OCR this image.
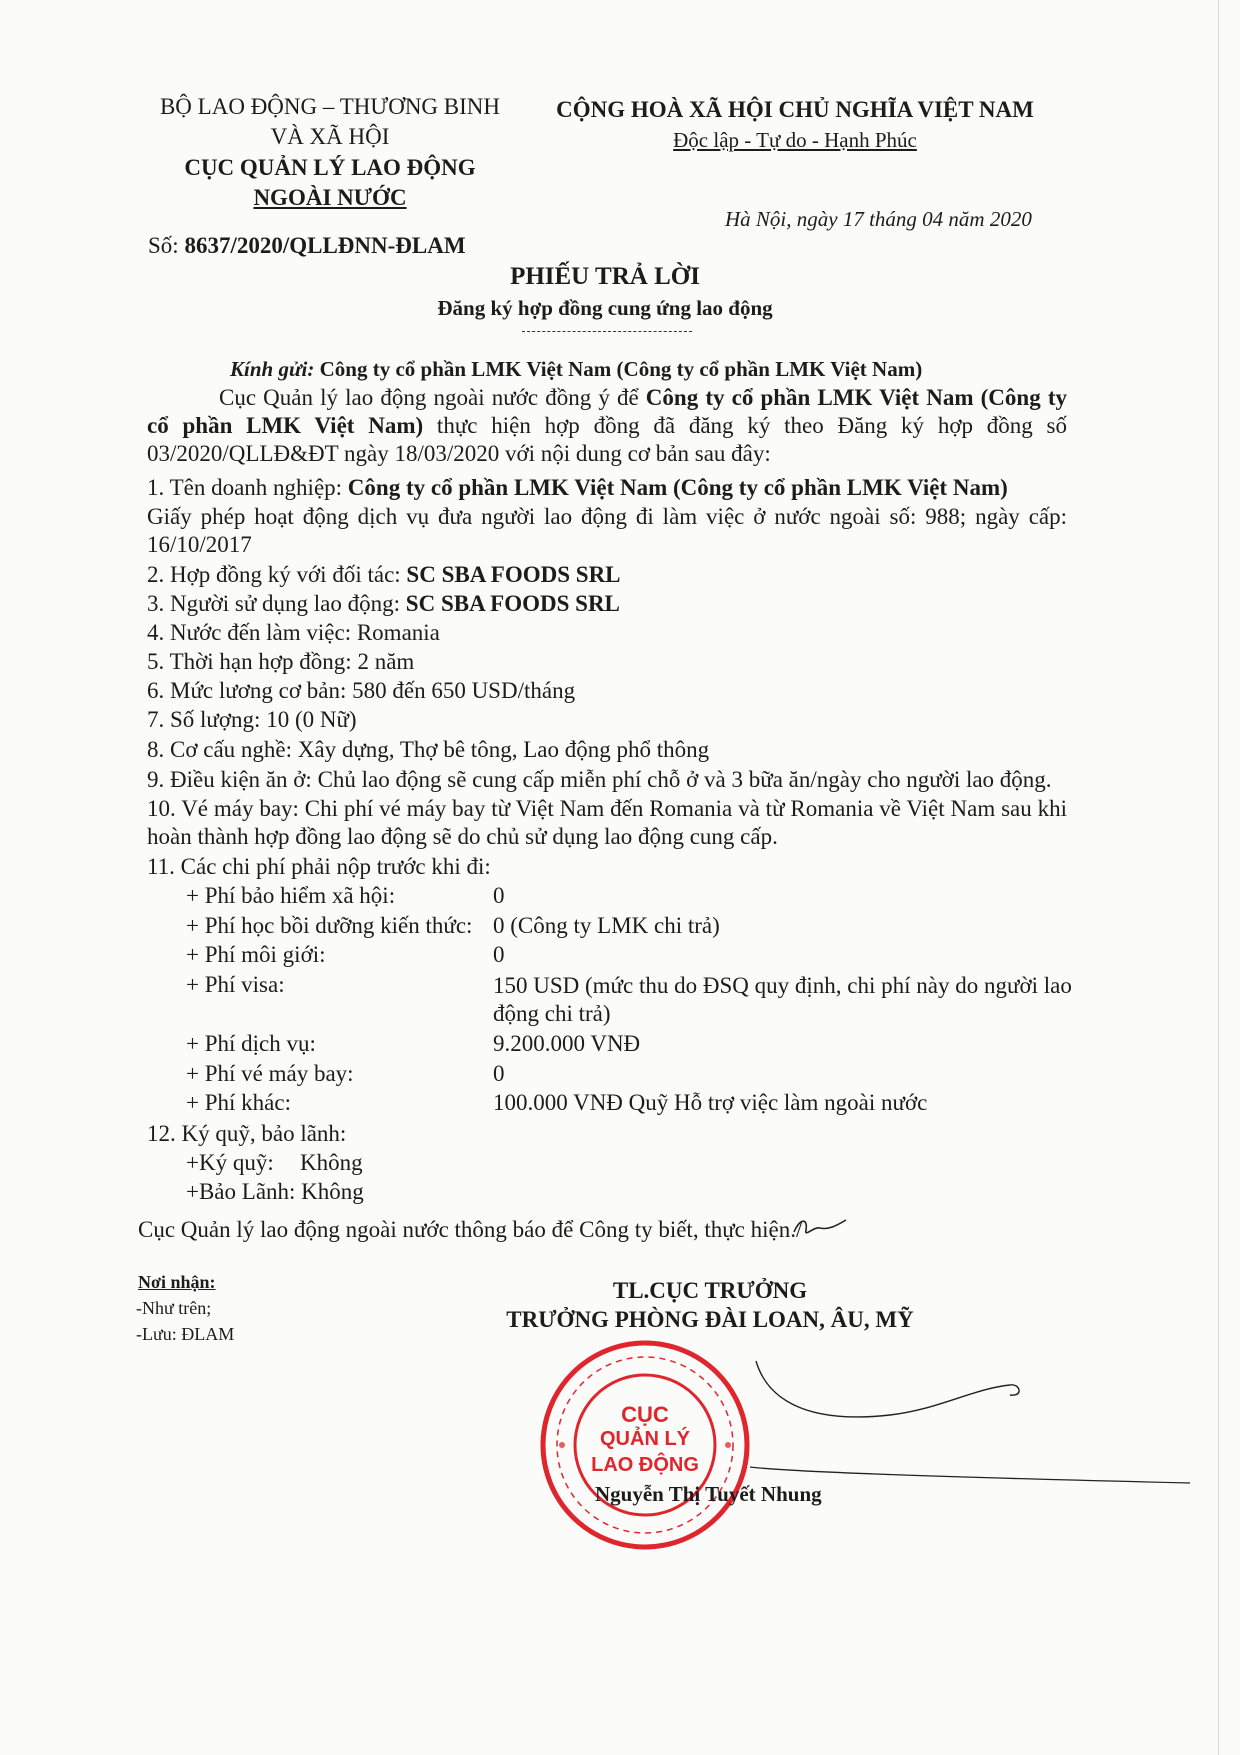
BỘ LAO ĐỘNG – THƯƠNG BINH
VÀ XÃ HỘI
CỤC QUẢN LÝ LAO ĐỘNG
NGOÀI NƯỚC
Số: 8637/2020/QLLĐNN-ĐLAM
CỘNG HOÀ XÃ HỘI CHỦ NGHĨA VIỆT NAM
Độc lập - Tự do - Hạnh Phúc
Hà Nội, ngày 17 tháng 04 năm 2020
PHIẾU TRẢ LỜI
Đăng ký hợp đồng cung ứng lao động
Kính gửi: Công ty cổ phần LMK Việt Nam (Công ty cổ phần LMK Việt Nam)
Cục Quản lý lao động ngoài nước đồng ý để Công ty cổ phần LMK Việt Nam (Công ty cổ phần LMK Việt Nam) thực hiện hợp đồng đã đăng ký theo Đăng ký hợp đồng số 03/2020/QLLĐ&ĐT ngày 18/03/2020 với nội dung cơ bản sau đây:
1. Tên doanh nghiệp: Công ty cổ phần LMK Việt Nam (Công ty cổ phần LMK Việt Nam)
Giấy phép hoạt động dịch vụ đưa người lao động đi làm việc ở nước ngoài số: 988; ngày cấp: 16/10/2017
2. Hợp đồng ký với đối tác: SC SBA FOODS SRL
3. Người sử dụng lao động: SC SBA FOODS SRL
4. Nước đến làm việc: Romania
5. Thời hạn hợp đồng: 2 năm
6. Mức lương cơ bản: 580 đến 650 USD/tháng
7. Số lượng: 10 (0 Nữ)
8. Cơ cấu nghề: Xây dựng, Thợ bê tông, Lao động phổ thông
9. Điều kiện ăn ở: Chủ lao động sẽ cung cấp miễn phí chỗ ở và 3 bữa ăn/ngày cho người lao động.
10. Vé máy bay: Chi phí vé máy bay từ Việt Nam đến Romania và từ Romania về Việt Nam sau khi hoàn thành hợp đồng lao động sẽ do chủ sử dụng lao động cung cấp.
11. Các chi phí phải nộp trước khi đi:
+ Phí bảo hiểm xã hội:	0
+ Phí học bồi dưỡng kiến thức: 0 (Công ty LMK chi trả)
+ Phí môi giới:	0
+ Phí visa:	150 USD (mức thu do ĐSQ quy định, chi phí này do người lao động chi trả)
+ Phí dịch vụ:	9.200.000 VNĐ
+ Phí vé máy bay:	0
+ Phí khác:	100.000 VNĐ Quỹ Hỗ trợ việc làm ngoài nước
12. Ký quỹ, bảo lãnh:
+Ký quỹ: Không
+Bảo Lãnh: Không
Cục Quản lý lao động ngoài nước thông báo để Công ty biết, thực hiện./
Nơi nhận:
-Như trên;
-Lưu: ĐLAM
TL.CỤC TRƯỞNG
TRƯỞNG PHÒNG ĐÀI LOAN, ÂU, MỸ
CỤC
QUẢN LÝ
LAO ĐỘNG
Nguyễn Thị Tuyết Nhung
